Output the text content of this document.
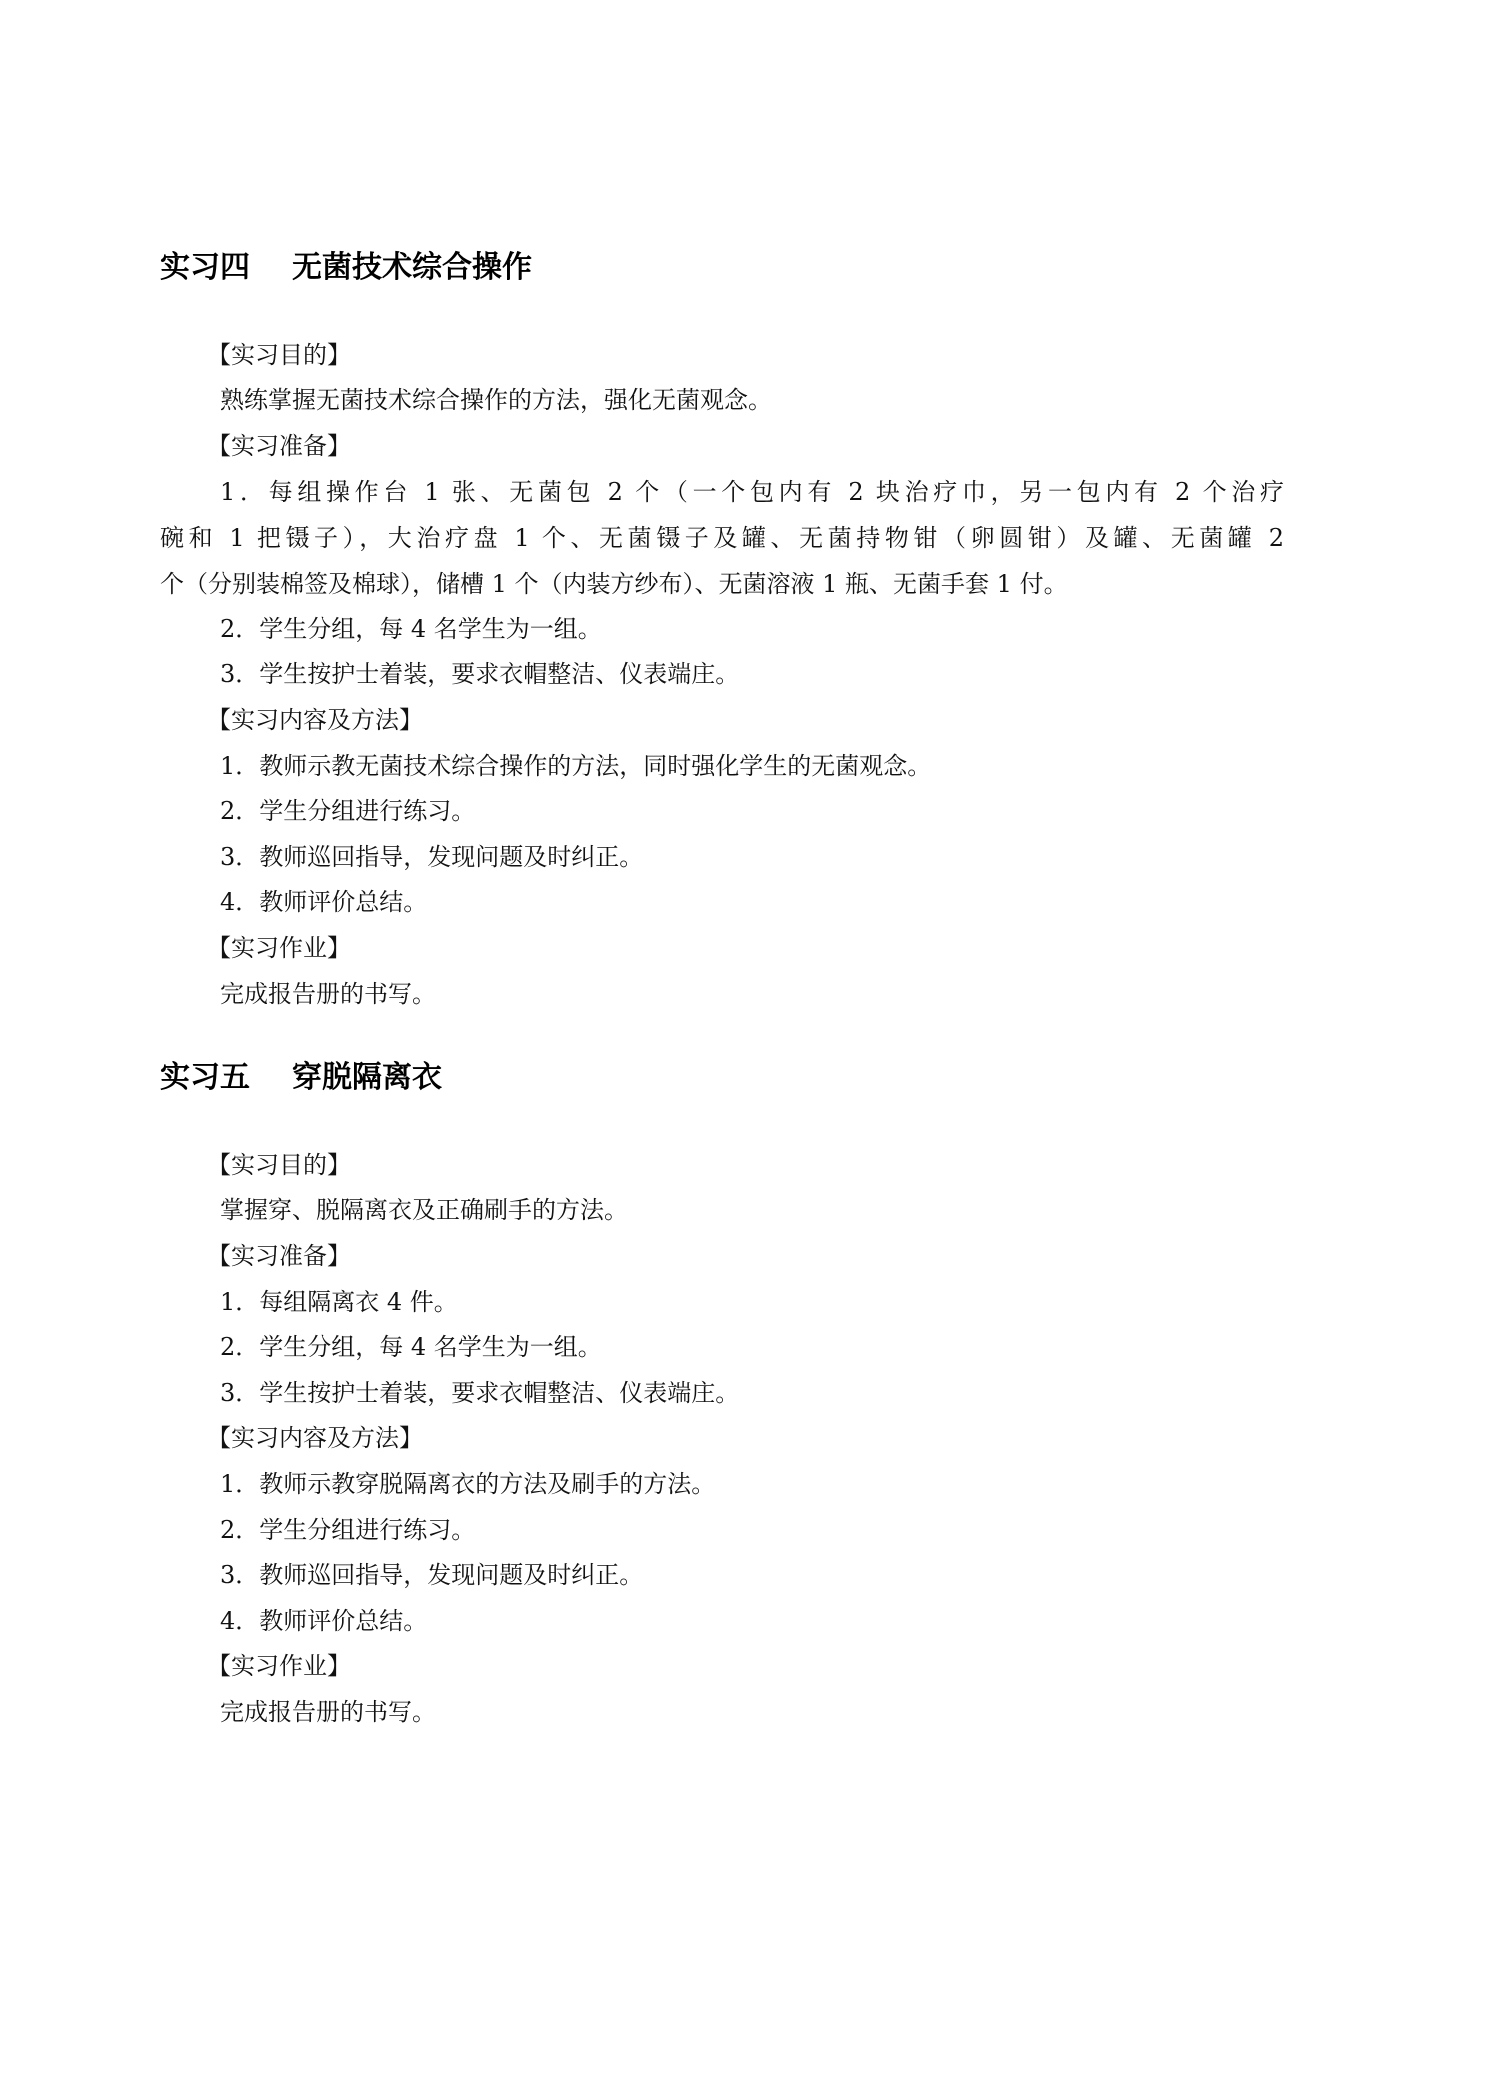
实习四 无菌技术综合操作

【实习目的】

熟练掌握无菌技术综合操作的方法，强化无菌观念。

【实习准备】

1．每组操作台 1 张、无菌包 2 个（一个包内有 2 块治疗巾，另一包内有 2 个治疗

碗和 1 把镊子），大治疗盘 1 个、无菌镊子及罐、无菌持物钳（卵圆钳）及罐、无菌罐 2

个（分别装棉签及棉球），储槽 1 个（内装方纱布）、无菌溶液 1 瓶、无菌手套 1 付。

2．学生分组，每 4 名学生为一组。

3．学生按护士着装，要求衣帽整洁、仪表端庄。

【实习内容及方法】

1．教师示教无菌技术综合操作的方法，同时强化学生的无菌观念。

2．学生分组进行练习。

3．教师巡回指导，发现问题及时纠正。

4．教师评价总结。

【实习作业】

完成报告册的书写。

实习五 穿脱隔离衣

【实习目的】

掌握穿、脱隔离衣及正确刷手的方法。

【实习准备】

1．每组隔离衣 4 件。

2．学生分组，每 4 名学生为一组。

3．学生按护士着装，要求衣帽整洁、仪表端庄。

【实习内容及方法】

1．教师示教穿脱隔离衣的方法及刷手的方法。

2．学生分组进行练习。

3．教师巡回指导，发现问题及时纠正。

4．教师评价总结。

【实习作业】

完成报告册的书写。
